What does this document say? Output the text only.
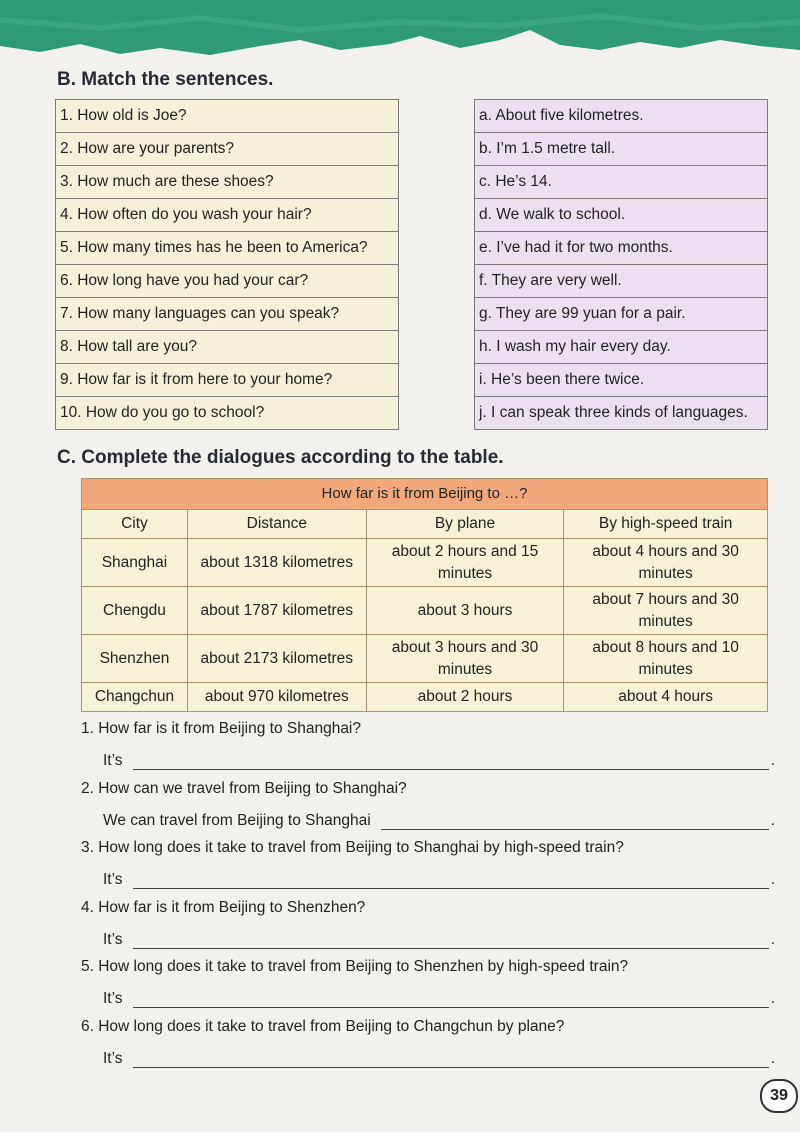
B. Match the sentences.
1. How old is Joe?
2. How are your parents?
3. How much are these shoes?
4. How often do you wash your hair?
5. How many times has he been to America?
6. How long have you had your car?
7. How many languages can you speak?
8. How tall are you?
9. How far is it from here to your home?
10. How do you go to school?
a. About five kilometres.
b. I’m 1.5 metre tall.
c. He’s 14.
d. We walk to school.
e. I’ve had it for two months.
f. They are very well.
g. They are 99 yuan for a pair.
h. I wash my hair every day.
i. He’s been there twice.
j. I can speak three kinds of languages.
C. Complete the dialogues according to the table.
How far is it from Beijing to …?			
City	Distance	By plane	By high-speed train
Shanghai	about 1318 kilometres	about 2 hours and 15 minutes	about 4 hours and 30 minutes
Chengdu	about 1787 kilometres	about 3 hours	about 7 hours and 30 minutes
Shenzhen	about 2173 kilometres	about 3 hours and 30 minutes	about 8 hours and 10 minutes
Changchun	about 970 kilometres	about 2 hours	about 4 hours
1. How far is it from Beijing to Shanghai?
It’s	.
2. How can we travel from Beijing to Shanghai?
We can travel from Beijing to Shanghai	.
3. How long does it take to travel from Beijing to Shanghai by high-speed train?
It’s	.
4. How far is it from Beijing to Shenzhen?
It’s	.
5. How long does it take to travel from Beijing to Shenzhen by high-speed train?
It’s	.
6. How long does it take to travel from Beijing to Changchun by plane?
It’s	.
39
